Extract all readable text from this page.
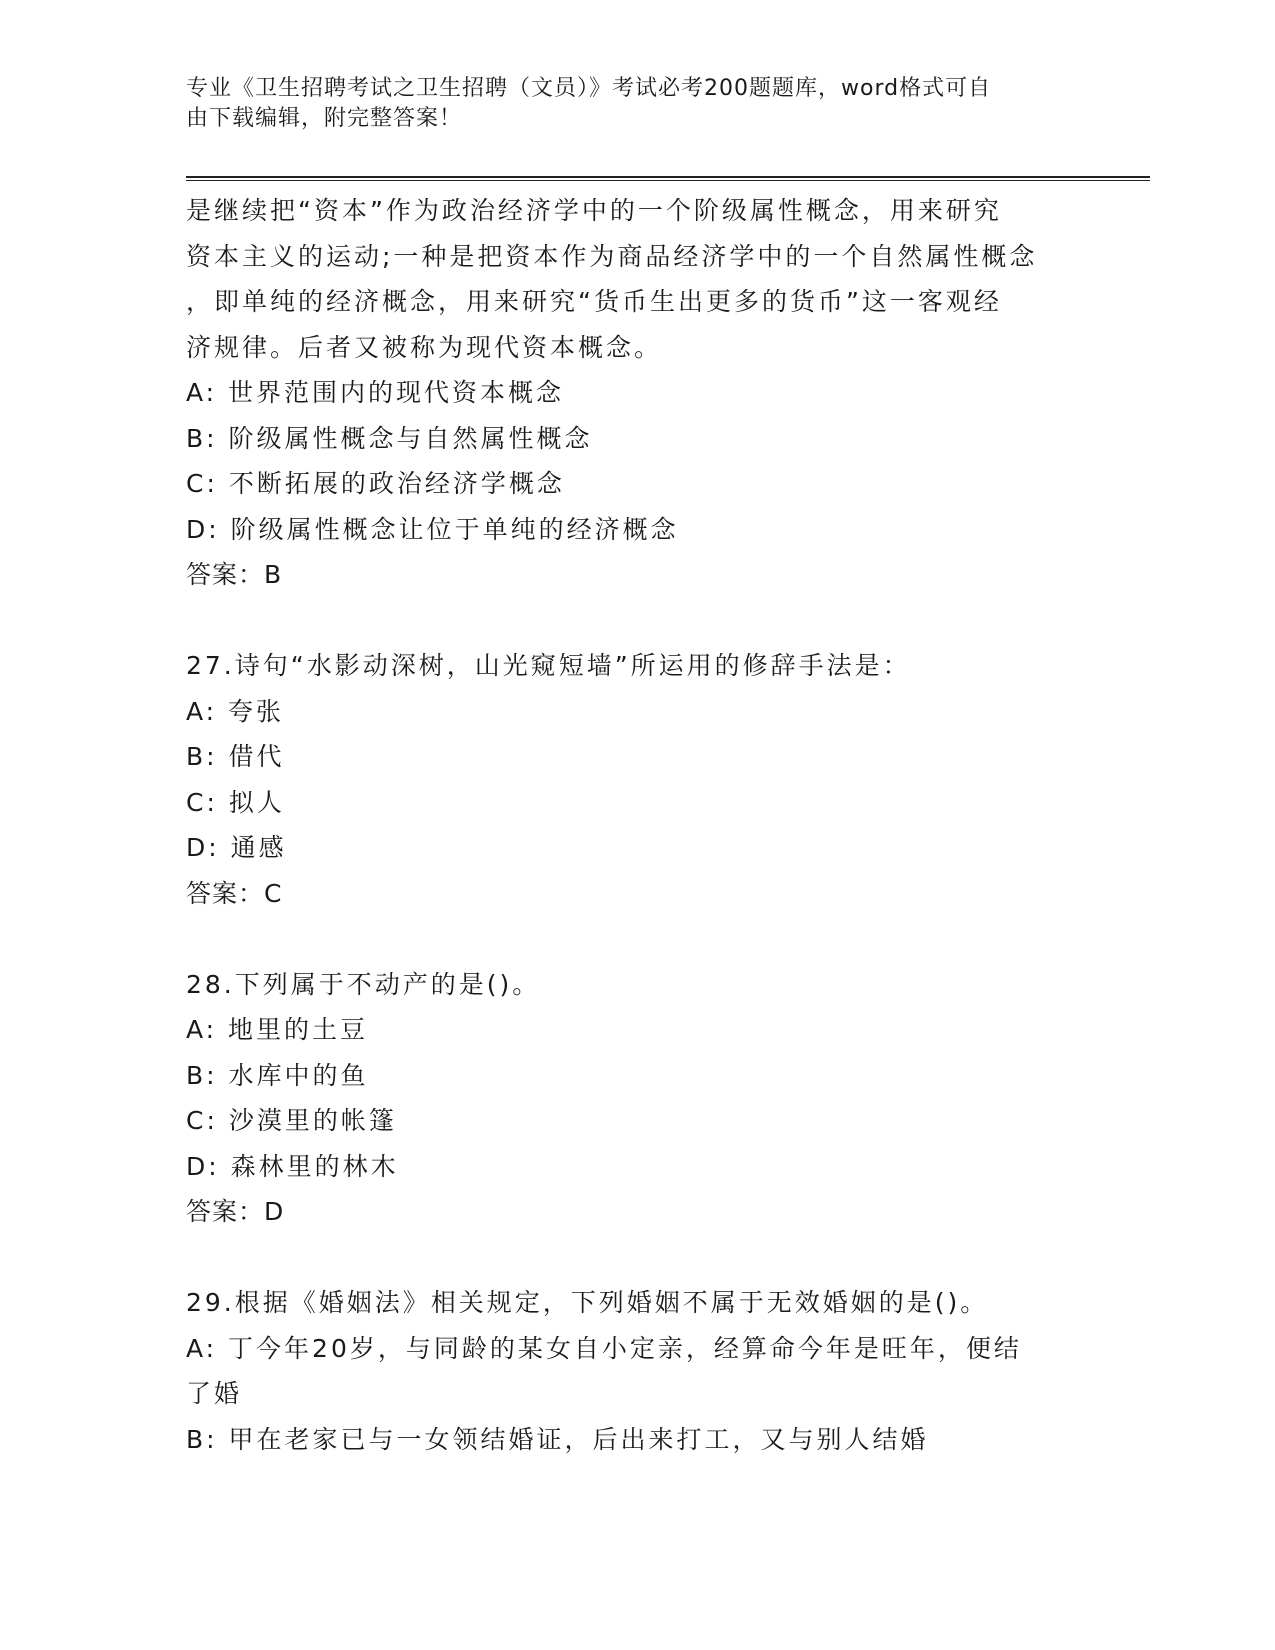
专业《卫生招聘考试之卫生招聘（文员）》考试必考200题题库，word格式可自
由下载编辑，附完整答案！

是继续把“资本”作为政治经济学中的一个阶级属性概念，用来研究

资本主义的运动;一种是把资本作为商品经济学中的一个自然属性概念

，即单纯的经济概念，用来研究“货币生出更多的货币”这一客观经

济规律。后者又被称为现代资本概念。

A: 世界范围内的现代资本概念

B: 阶级属性概念与自然属性概念

C: 不断拓展的政治经济学概念

D: 阶级属性概念让位于单纯的经济概念

答案：B

27.诗句“水影动深树，山光窥短墙”所运用的修辞手法是：

A: 夸张

B: 借代

C: 拟人

D: 通感

答案：C

28.下列属于不动产的是()。

A: 地里的土豆

B: 水库中的鱼

C: 沙漠里的帐篷

D: 森林里的林木

答案：D

29.根据《婚姻法》相关规定，下列婚姻不属于无效婚姻的是()。

A: 丁今年20岁，与同龄的某女自小定亲，经算命今年是旺年，便结

了婚

B: 甲在老家已与一女领结婚证，后出来打工，又与别人结婚
